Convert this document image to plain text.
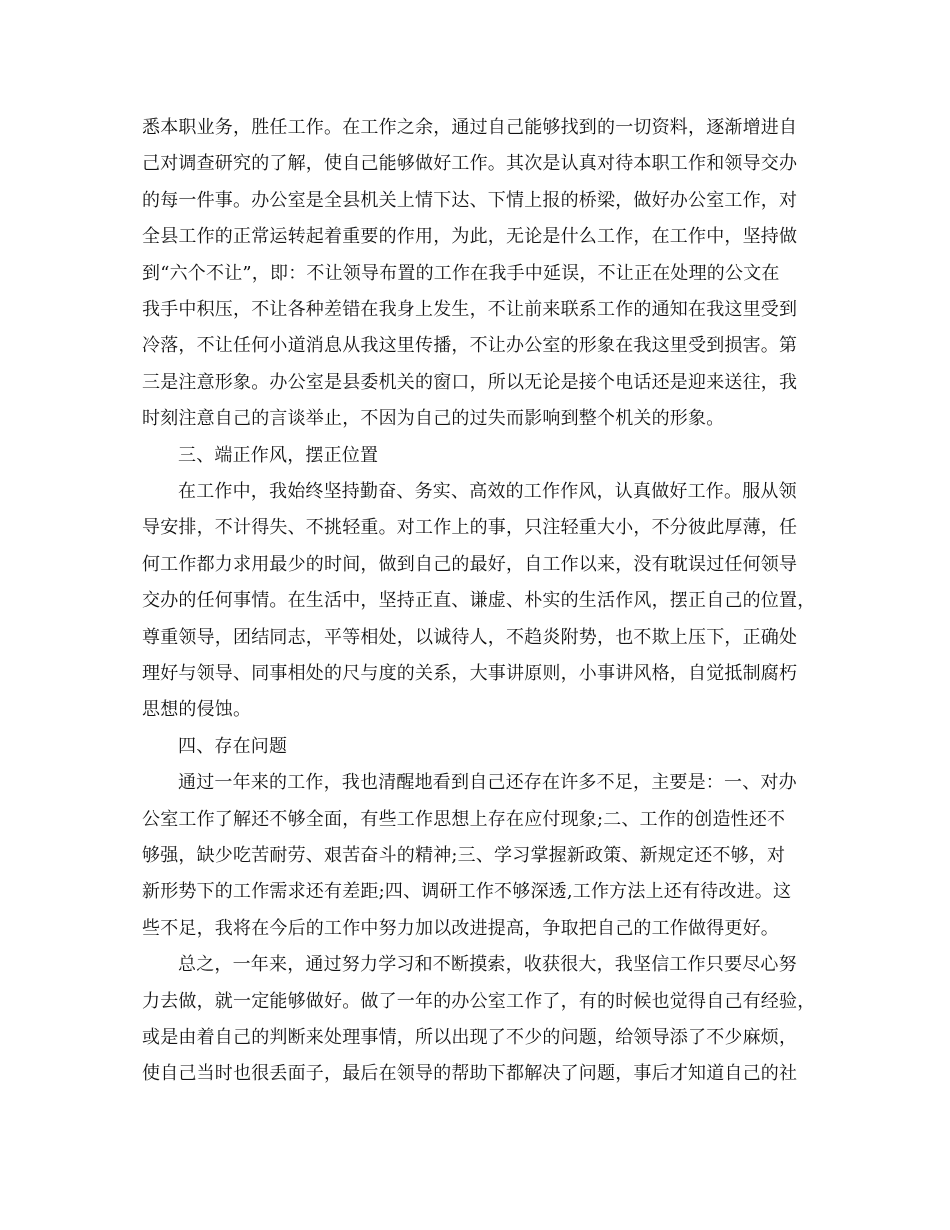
悉本职业务，胜任工作。在工作之余，通过自己能够找到的一切资料，逐渐增进自
己对调查研究的了解，使自己能够做好工作。其次是认真对待本职工作和领导交办
的每一件事。办公室是全县机关上情下达、下情上报的桥梁，做好办公室工作，对
全县工作的正常运转起着重要的作用，为此，无论是什么工作，在工作中，坚持做
到“六个不让”，即：不让领导布置的工作在我手中延误，不让正在处理的公文在
我手中积压，不让各种差错在我身上发生，不让前来联系工作的通知在我这里受到
冷落，不让任何小道消息从我这里传播，不让办公室的形象在我这里受到损害。第
三是注意形象。办公室是县委机关的窗口，所以无论是接个电话还是迎来送往，我
时刻注意自己的言谈举止，不因为自己的过失而影响到整个机关的形象。
三、端正作风，摆正位置
在工作中，我始终坚持勤奋、务实、高效的工作作风，认真做好工作。服从领
导安排，不计得失、不挑轻重。对工作上的事，只注轻重大小，不分彼此厚薄，任
何工作都力求用最少的时间，做到自己的最好，自工作以来，没有耽误过任何领导
交办的任何事情。在生活中，坚持正直、谦虚、朴实的生活作风，摆正自己的位置，
尊重领导，团结同志，平等相处，以诚待人，不趋炎附势，也不欺上压下，正确处
理好与领导、同事相处的尺与度的关系，大事讲原则，小事讲风格，自觉抵制腐朽
思想的侵蚀。
四、存在问题
通过一年来的工作，我也清醒地看到自己还存在许多不足，主要是：一、对办
公室工作了解还不够全面，有些工作思想上存在应付现象;二、工作的创造性还不
够强，缺少吃苦耐劳、艰苦奋斗的精神;三、学习掌握新政策、新规定还不够，对
新形势下的工作需求还有差距;四、调研工作不够深透,工作方法上还有待改进。这
些不足，我将在今后的工作中努力加以改进提高，争取把自己的工作做得更好。
总之，一年来，通过努力学习和不断摸索，收获很大，我坚信工作只要尽心努
力去做，就一定能够做好。做了一年的办公室工作了，有的时候也觉得自己有经验，
或是由着自己的判断来处理事情，所以出现了不少的问题，给领导添了不少麻烦，
使自己当时也很丢面子，最后在领导的帮助下都解决了问题，事后才知道自己的社
